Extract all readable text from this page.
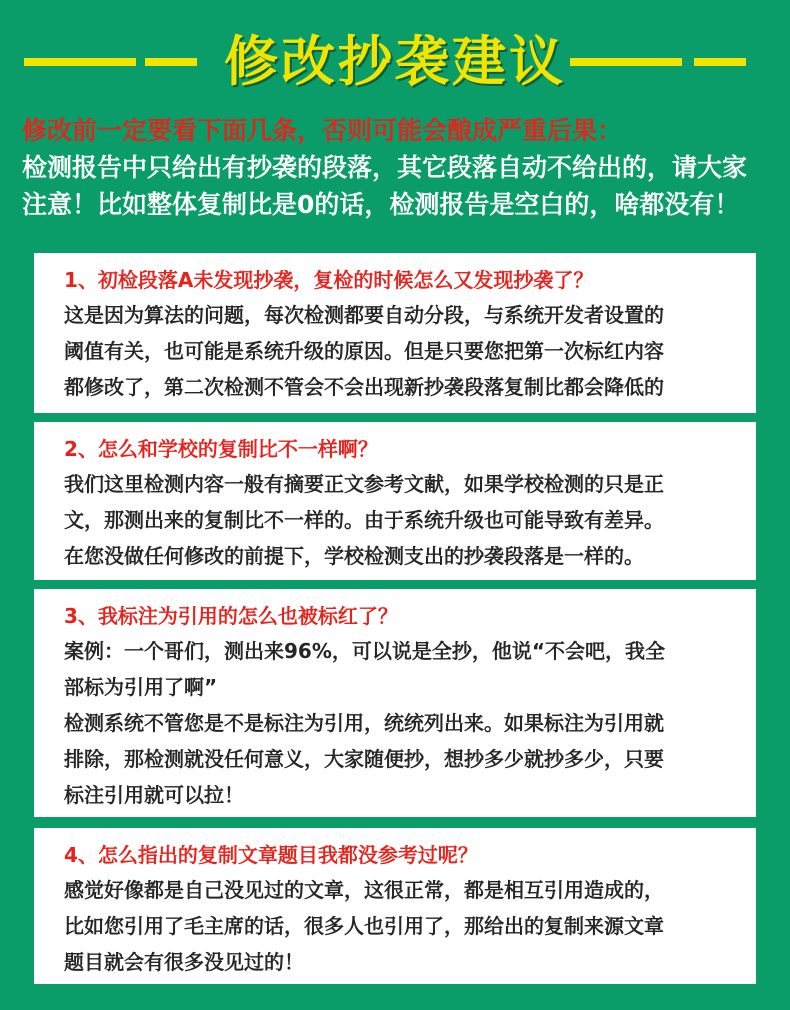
修改抄袭建议

修改前一定要看下面几条，否则可能会酿成严重后果：

检测报告中只给出有抄袭的段落，其它段落自动不给出的，请大家

注意！比如整体复制比是0的话，检测报告是空白的，啥都没有！

1、初检段落A未发现抄袭，复检的时候怎么又发现抄袭了？

这是因为算法的问题，每次检测都要自动分段，与系统开发者设置的

阈值有关，也可能是系统升级的原因。但是只要您把第一次标红内容

都修改了，第二次检测不管会不会出现新抄袭段落复制比都会降低的

2、怎么和学校的复制比不一样啊？

我们这里检测内容一般有摘要正文参考文献，如果学校检测的只是正

文，那测出来的复制比不一样的。由于系统升级也可能导致有差异。

在您没做任何修改的前提下，学校检测支出的抄袭段落是一样的。

3、我标注为引用的怎么也被标红了？

案例：一个哥们，测出来96%，可以说是全抄，他说“不会吧，我全

部标为引用了啊”

检测系统不管您是不是标注为引用，统统列出来。如果标注为引用就

排除，那检测就没任何意义，大家随便抄，想抄多少就抄多少，只要

标注引用就可以拉！

4、怎么指出的复制文章题目我都没参考过呢？

感觉好像都是自己没见过的文章，这很正常，都是相互引用造成的，

比如您引用了毛主席的话，很多人也引用了，那给出的复制来源文章

题目就会有很多没见过的！
